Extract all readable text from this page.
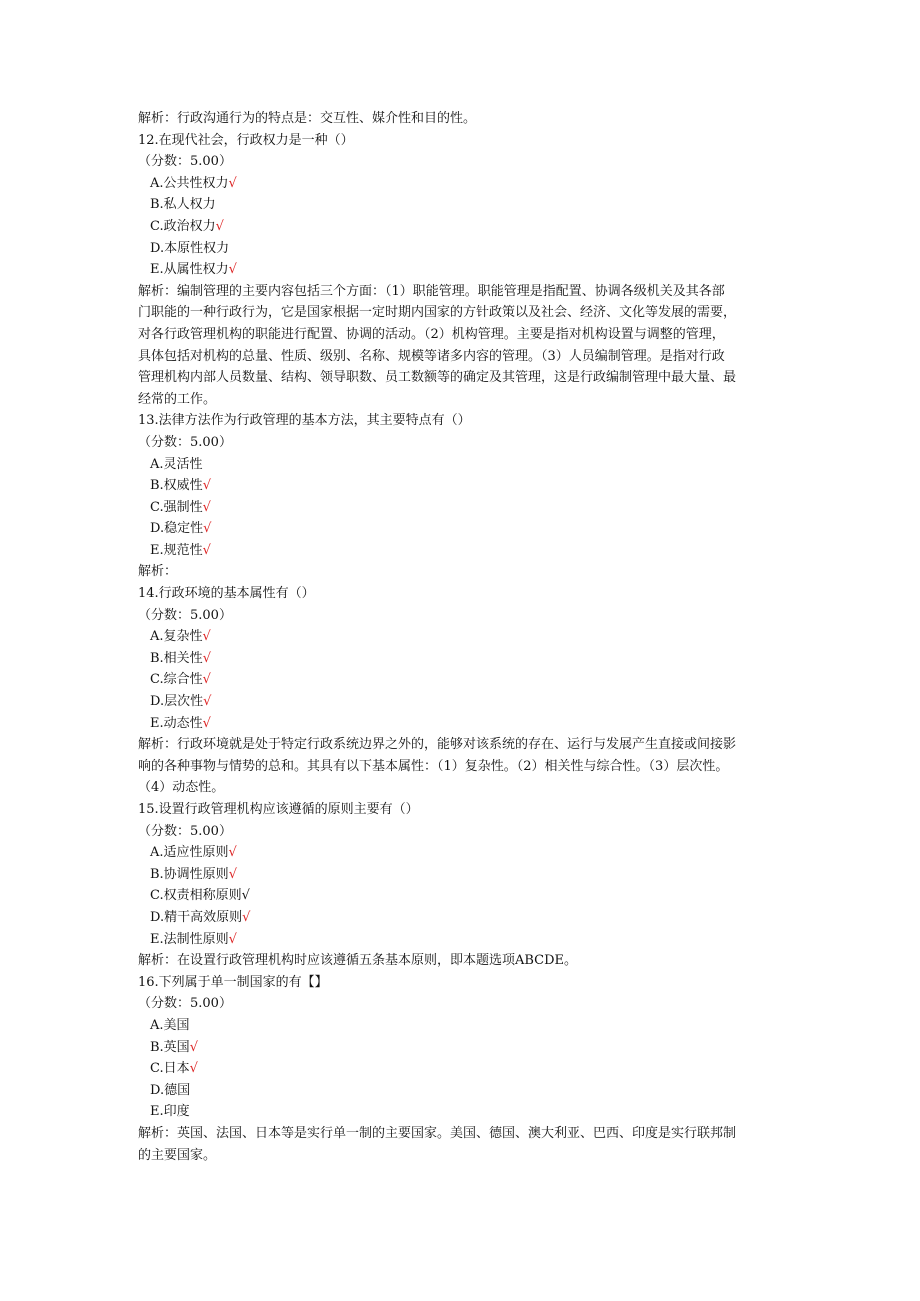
解析：行政沟通行为的特点是：交互性、媒介性和目的性。
12.在现代社会，行政权力是一种（）
（分数：5.00）
A.公共性权力√
B.私人权力
C.政治权力√
D.本原性权力
E.从属性权力√
解析：编制管理的主要内容包括三个方面：（1）职能管理。职能管理是指配置、协调各级机关及其各部
门职能的一种行政行为，它是国家根据一定时期内国家的方针政策以及社会、经济、文化等发展的需要，
对各行政管理机构的职能进行配置、协调的活动。（2）机构管理。主要是指对机构设置与调整的管理，
具体包括对机构的总量、性质、级别、名称、规模等诸多内容的管理。（3）人员编制管理。是指对行政
管理机构内部人员数量、结构、领导职数、员工数额等的确定及其管理，这是行政编制管理中最大量、最
经常的工作。
13.法律方法作为行政管理的基本方法，其主要特点有（）
（分数：5.00）
A.灵活性
B.权威性√
C.强制性√
D.稳定性√
E.规范性√
解析：
14.行政环境的基本属性有（）
（分数：5.00）
A.复杂性√
B.相关性√
C.综合性√
D.层次性√
E.动态性√
解析：行政环境就是处于特定行政系统边界之外的，能够对该系统的存在、运行与发展产生直接或间接影
响的各种事物与情势的总和。其具有以下基本属性：（1）复杂性。（2）相关性与综合性。（3）层次性。
（4）动态性。
15.设置行政管理机构应该遵循的原则主要有（）
（分数：5.00）
A.适应性原则√
B.协调性原则√
C.权责相称原则√
D.精干高效原则√
E.法制性原则√
解析：在设置行政管理机构时应该遵循五条基本原则，即本题选项ABCDE。
16.下列属于单一制国家的有【】
（分数：5.00）
A.美国
B.英国√
C.日本√
D.德国
E.印度
解析：英国、法国、日本等是实行单一制的主要国家。美国、德国、澳大利亚、巴西、印度是实行联邦制
的主要国家。
